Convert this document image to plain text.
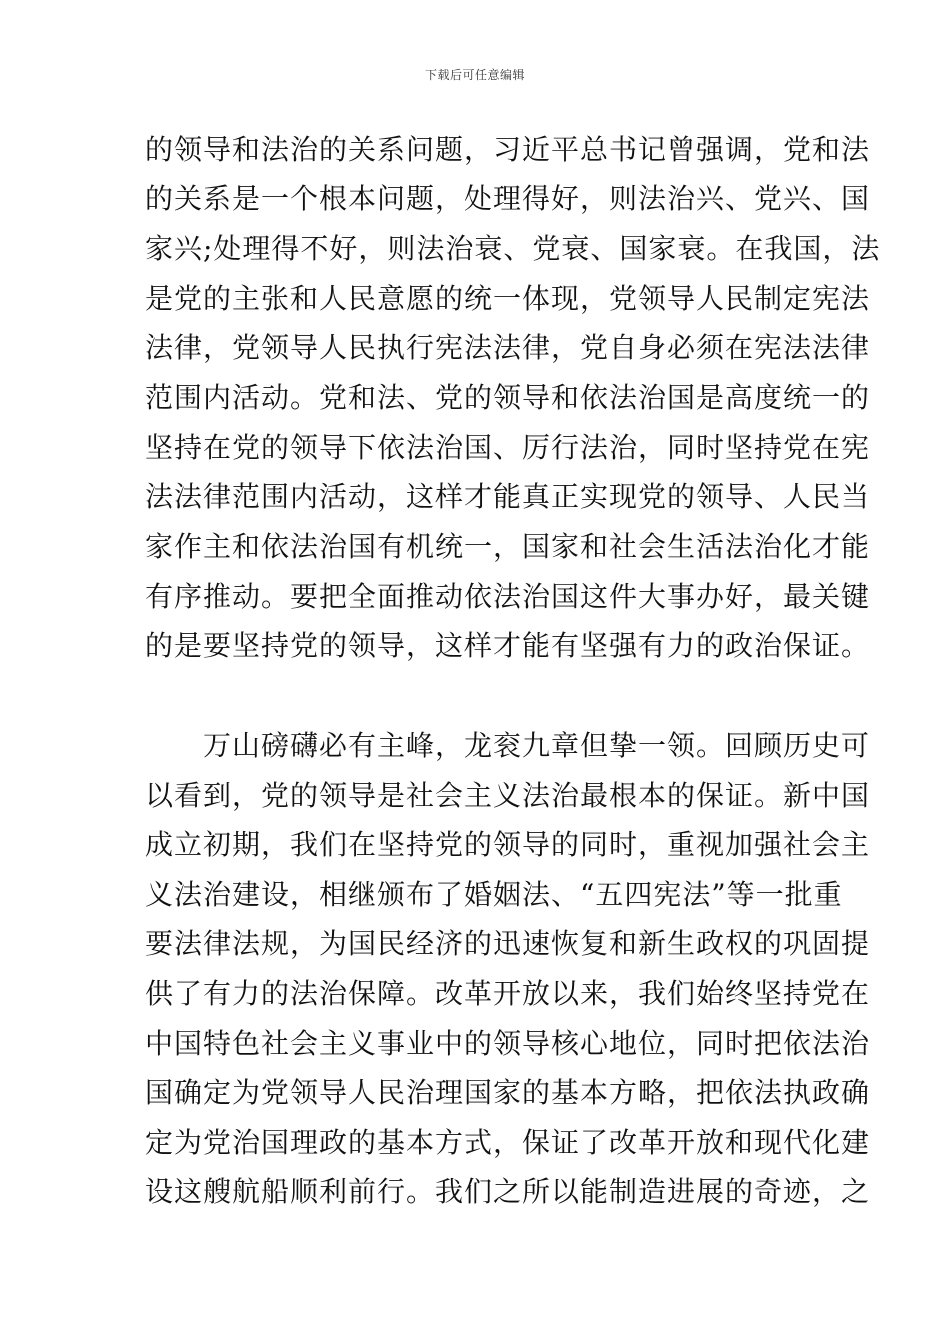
下载后可任意编辑
的领导和法治的关系问题，习近平总书记曾强调，党和法
的关系是一个根本问题，处理得好，则法治兴、党兴、国
家兴;处理得不好，则法治衰、党衰、国家衰。在我国，法
是党的主张和人民意愿的统一体现，党领导人民制定宪法
法律，党领导人民执行宪法法律，党自身必须在宪法法律
范围内活动。党和法、党的领导和依法治国是高度统一的
坚持在党的领导下依法治国、厉行法治，同时坚持党在宪
法法律范围内活动，这样才能真正实现党的领导、人民当
家作主和依法治国有机统一，国家和社会生活法治化才能
有序推动。要把全面推动依法治国这件大事办好，最关键
的是要坚持党的领导，这样才能有坚强有力的政治保证。
　　万山磅礴必有主峰，龙衮九章但挚一领。回顾历史可
以看到，党的领导是社会主义法治最根本的保证。新中国
成立初期，我们在坚持党的领导的同时，重视加强社会主
义法治建设，相继颁布了婚姻法、“五四宪法”等一批重
要法律法规，为国民经济的迅速恢复和新生政权的巩固提
供了有力的法治保障。改革开放以来，我们始终坚持党在
中国特色社会主义事业中的领导核心地位，同时把依法治
国确定为党领导人民治理国家的基本方略，把依法执政确
定为党治国理政的基本方式，保证了改革开放和现代化建
设这艘航船顺利前行。我们之所以能制造进展的奇迹，之
